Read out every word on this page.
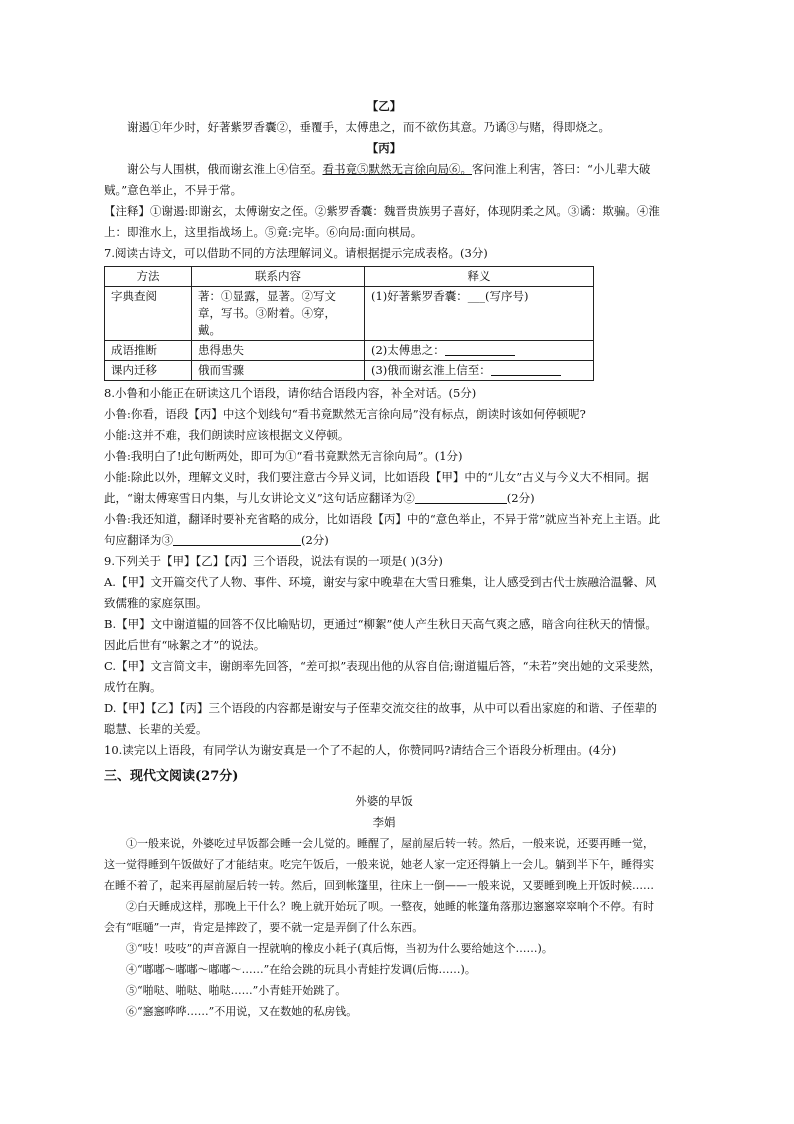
【乙】

谢遏①年少时，好著紫罗香囊②，垂覆手，太傅患之，而不欲伤其意。乃谲③与赌，得即烧之。

【丙】

谢公与人围棋，俄而谢玄淮上④信至。看书竟⑤默然无言徐向局⑥。客问淮上利害，答曰：“小儿辈大破贼。”意色举止，不异于常。

【注释】①谢遏:即谢玄，太傅谢安之侄。②紫罗香囊：魏晋贵族男子喜好，体现阴柔之风。③谲：欺骗。④淮上：即淮水上，这里指战场上。⑤竟:完毕。⑥向局:面向棋局。

7.阅读古诗文，可以借助不同的方法理解词义。请根据提示完成表格。(3分)

方法	联系内容	释义
字典查阅	著：①显露，显著。②写文章，写书。③附着。④穿，戴。	(1)好著紫罗香囊：___(写序号)
成语推断	患得患失	(2)太傅患之：
课内迁移	俄而雪骤	(3)俄而谢玄淮上信至：

8.小鲁和小能正在研读这几个语段，请你结合语段内容，补全对话。(5分)

小鲁:你看，语段【丙】中这个划线句“看书竟默然无言徐向局”没有标点，朗读时该如何停顿呢?

小能:这并不难，我们朗读时应该根据文义停顿。

小鲁:我明白了!此句断两处，即可为①“看书竟默然无言徐向局”。(1分)

小能:除此以外，理解文义时，我们要注意古今异义词，比如语段【甲】中的“儿女”古义与今义大不相同。据此，“谢太傅寒雪日内集，与儿女讲论文义”这句话应翻译为②	(2分)

小鲁:我还知道，翻译时要补充省略的成分，比如语段【丙】中的“意色举止，不异于常”就应当补充上主语。此句应翻译为③	(2分)

9.下列关于【甲】【乙】【丙】三个语段，说法有误的一项是( )(3分)

A.【甲】文开篇交代了人物、事件、环境，谢安与家中晚辈在大雪日雅集，让人感受到古代士族融洽温馨、风致儒雅的家庭氛围。

B.【甲】文中谢道韫的回答不仅比喻贴切，更通过“柳絮”使人产生秋日天高气爽之感，暗含向往秋天的情憬。因此后世有“咏絮之才”的说法。

C.【甲】文言简文丰，谢朗率先回答，“差可拟”表现出他的从容自信;谢道韫后答，“未若”突出她的文采斐然，成竹在胸。

D.【甲】【乙】【丙】三个语段的内容都是谢安与子侄辈交流交往的故事，从中可以看出家庭的和谐、子侄辈的聪慧、长辈的关爱。

10.读完以上语段，有同学认为谢安真是一个了不起的人，你赞同吗?请结合三个语段分析理由。(4分)

三、现代文阅读(27分)

外婆的早饭

李娟

①一般来说，外婆吃过早饭都会睡一会儿觉的。睡醒了，屋前屋后转一转。然后，一般来说，还要再睡一觉，这一觉得睡到午饭做好了才能结束。吃完午饭后，一般来说，她老人家一定还得躺上一会儿。躺到半下午，睡得实在睡不着了，起来再屋前屋后转一转。然后，回到帐篷里，往床上一倒——一般来说，又要睡到晚上开饭时候……

②白天睡成这样，那晚上干什么？晚上就开始玩了呗。一整夜，她睡的帐篷角落那边窸窸窣窣响个不停。有时会有“哐嗵”一声，肯定是摔跤了，要不就一定是弄倒了什么东西。

③“吱！吱吱”的声音源自一捏就响的橡皮小耗子(真后悔，当初为什么要给她这个……)。

④“嘟嘟～嘟嘟～嘟嘟～……”在给会跳的玩具小青蛙拧发调(后悔……)。

⑤“啪哒、啪哒、啪哒……”小青蛙开始跳了。

⑥“窸窸哗哗……”不用说，又在数她的私房钱。
